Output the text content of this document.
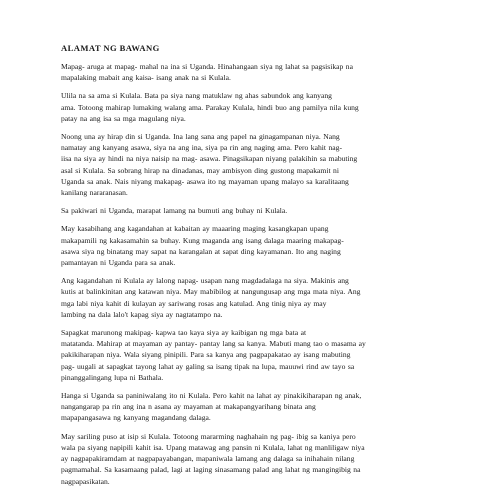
ALAMAT NG BAWANG
Mapag- aruga at mapag- mahal na ina si Uganda. Hinahangaan siya ng lahat sa pagsisikap na
mapalaking mabait ang kaisa- isang anak na si Kulala.
Ulila na sa ama si Kulala. Bata pa siya nang matuklaw ng ahas sabundok ang kanyang
ama. Totoong mahirap lumaking walang ama. Parakay Kulala, hindi buo ang pamilya nila kung
patay na ang isa sa mga magulang niya.
Noong una ay hirap din si Uganda. Ina lang sana ang papel na ginagampanan niya. Nang
namatay ang kanyang asawa, siya na ang ina, siya pa rin ang naging ama. Pero kahit nag-
iisa na siya ay hindi na niya naisip na mag- asawa. Pinagsikapan niyang palakihin sa mabuting
asal si Kulala. Sa sobrang hirap na dinadanas, may ambisyon ding gustong mapakamit ni
Uganda sa anak. Nais niyang makapag- asawa ito ng mayaman upang malayo sa karalitaang
kanilang nararanasan.
Sa pakiwari ni Uganda, marapat lamang na bumuti ang buhay ni Kulala.
May kasabihang ang kagandahan at kabaitan ay maaaring maging kasangkapan upang
makapamili ng kakasamahin sa buhay. Kung maganda ang isang dalaga maaring makapag-
asawa siya ng binatang may sapat na karangalan at sapat ding kayamanan. Ito ang naging
pamantayan ni Uganda para sa anak.
Ang kagandahan ni Kulala ay lalong napag- usapan nang magdadalaga na siya. Makinis ang
kutis at balinkinitan ang katawan niya. May mabibilog at nangungusap ang mga mata niya. Ang
mga labi niya kahit di kulayan ay sariwang rosas ang katulad. Ang tinig niya ay may
lambing na dala lalo't kapag siya ay nagtatampo na.
Sapagkat marunong makipag- kapwa tao kaya siya ay kaibigan ng mga bata at
matatanda. Mahirap at mayaman ay pantay- pantay lang sa kanya. Mabuti mang tao o masama ay
pakikiharapan niya. Wala siyang pinipili. Para sa kanya ang pagpapakatao ay isang mabuting
pag- uugali at sapagkat tayong lahat ay galing sa isang tipak na lupa, mauuwi rind aw tayo sa
pinanggalingang lupa ni Bathala.
Hanga si Uganda sa paniniwalang ito ni Kulala. Pero kahit na lahat ay pinakikiharapan ng anak,
nangangarap pa rin ang ina n asana ay mayaman at makapangyarihang binata ang
mapapangasawa ng kanyang magandang dalaga.
May sariling puso at isip si Kulala. Totoong mararming naghahain ng pag- ibig sa kaniya pero
wala pa siyang napipili kahit isa. Upang matawag ang pansin ni Kulala, lahat ng manliligaw niya
ay nagpapakiramdam at nagpapayabangan, mapaniwala lamang ang dalaga sa inihahain nilang
pagmamahal. Sa kasamaang palad, lagi at laging sinasamang palad ang lahat ng mangingibig na
nagpapasikatan.
